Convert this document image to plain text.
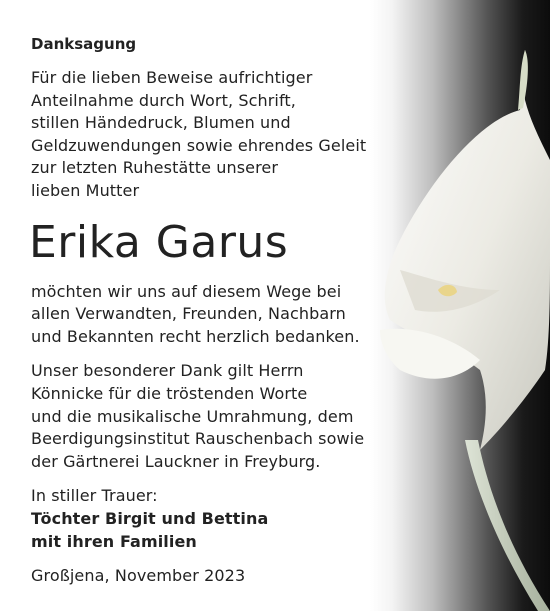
Danksagung

Für die lieben Beweise aufrichtiger
Anteilnahme durch Wort, Schrift,
stillen Händedruck, Blumen und
Geldzuwendungen sowie ehrendes Geleit
zur letzten Ruhestätte unserer
lieben Mutter

Erika Garus

möchten wir uns auf diesem Wege bei
allen Verwandten, Freunden, Nachbarn
und Bekannten recht herzlich bedanken.

Unser besonderer Dank gilt Herrn
Könnicke für die tröstenden Worte
und die musikalische Umrahmung, dem
Beerdigungsinstitut Rauschenbach sowie
der Gärtnerei Lauckner in Freyburg.

In stiller Trauer:
Töchter Birgit und Bettina
mit ihren Familien

Großjena, November 2023
